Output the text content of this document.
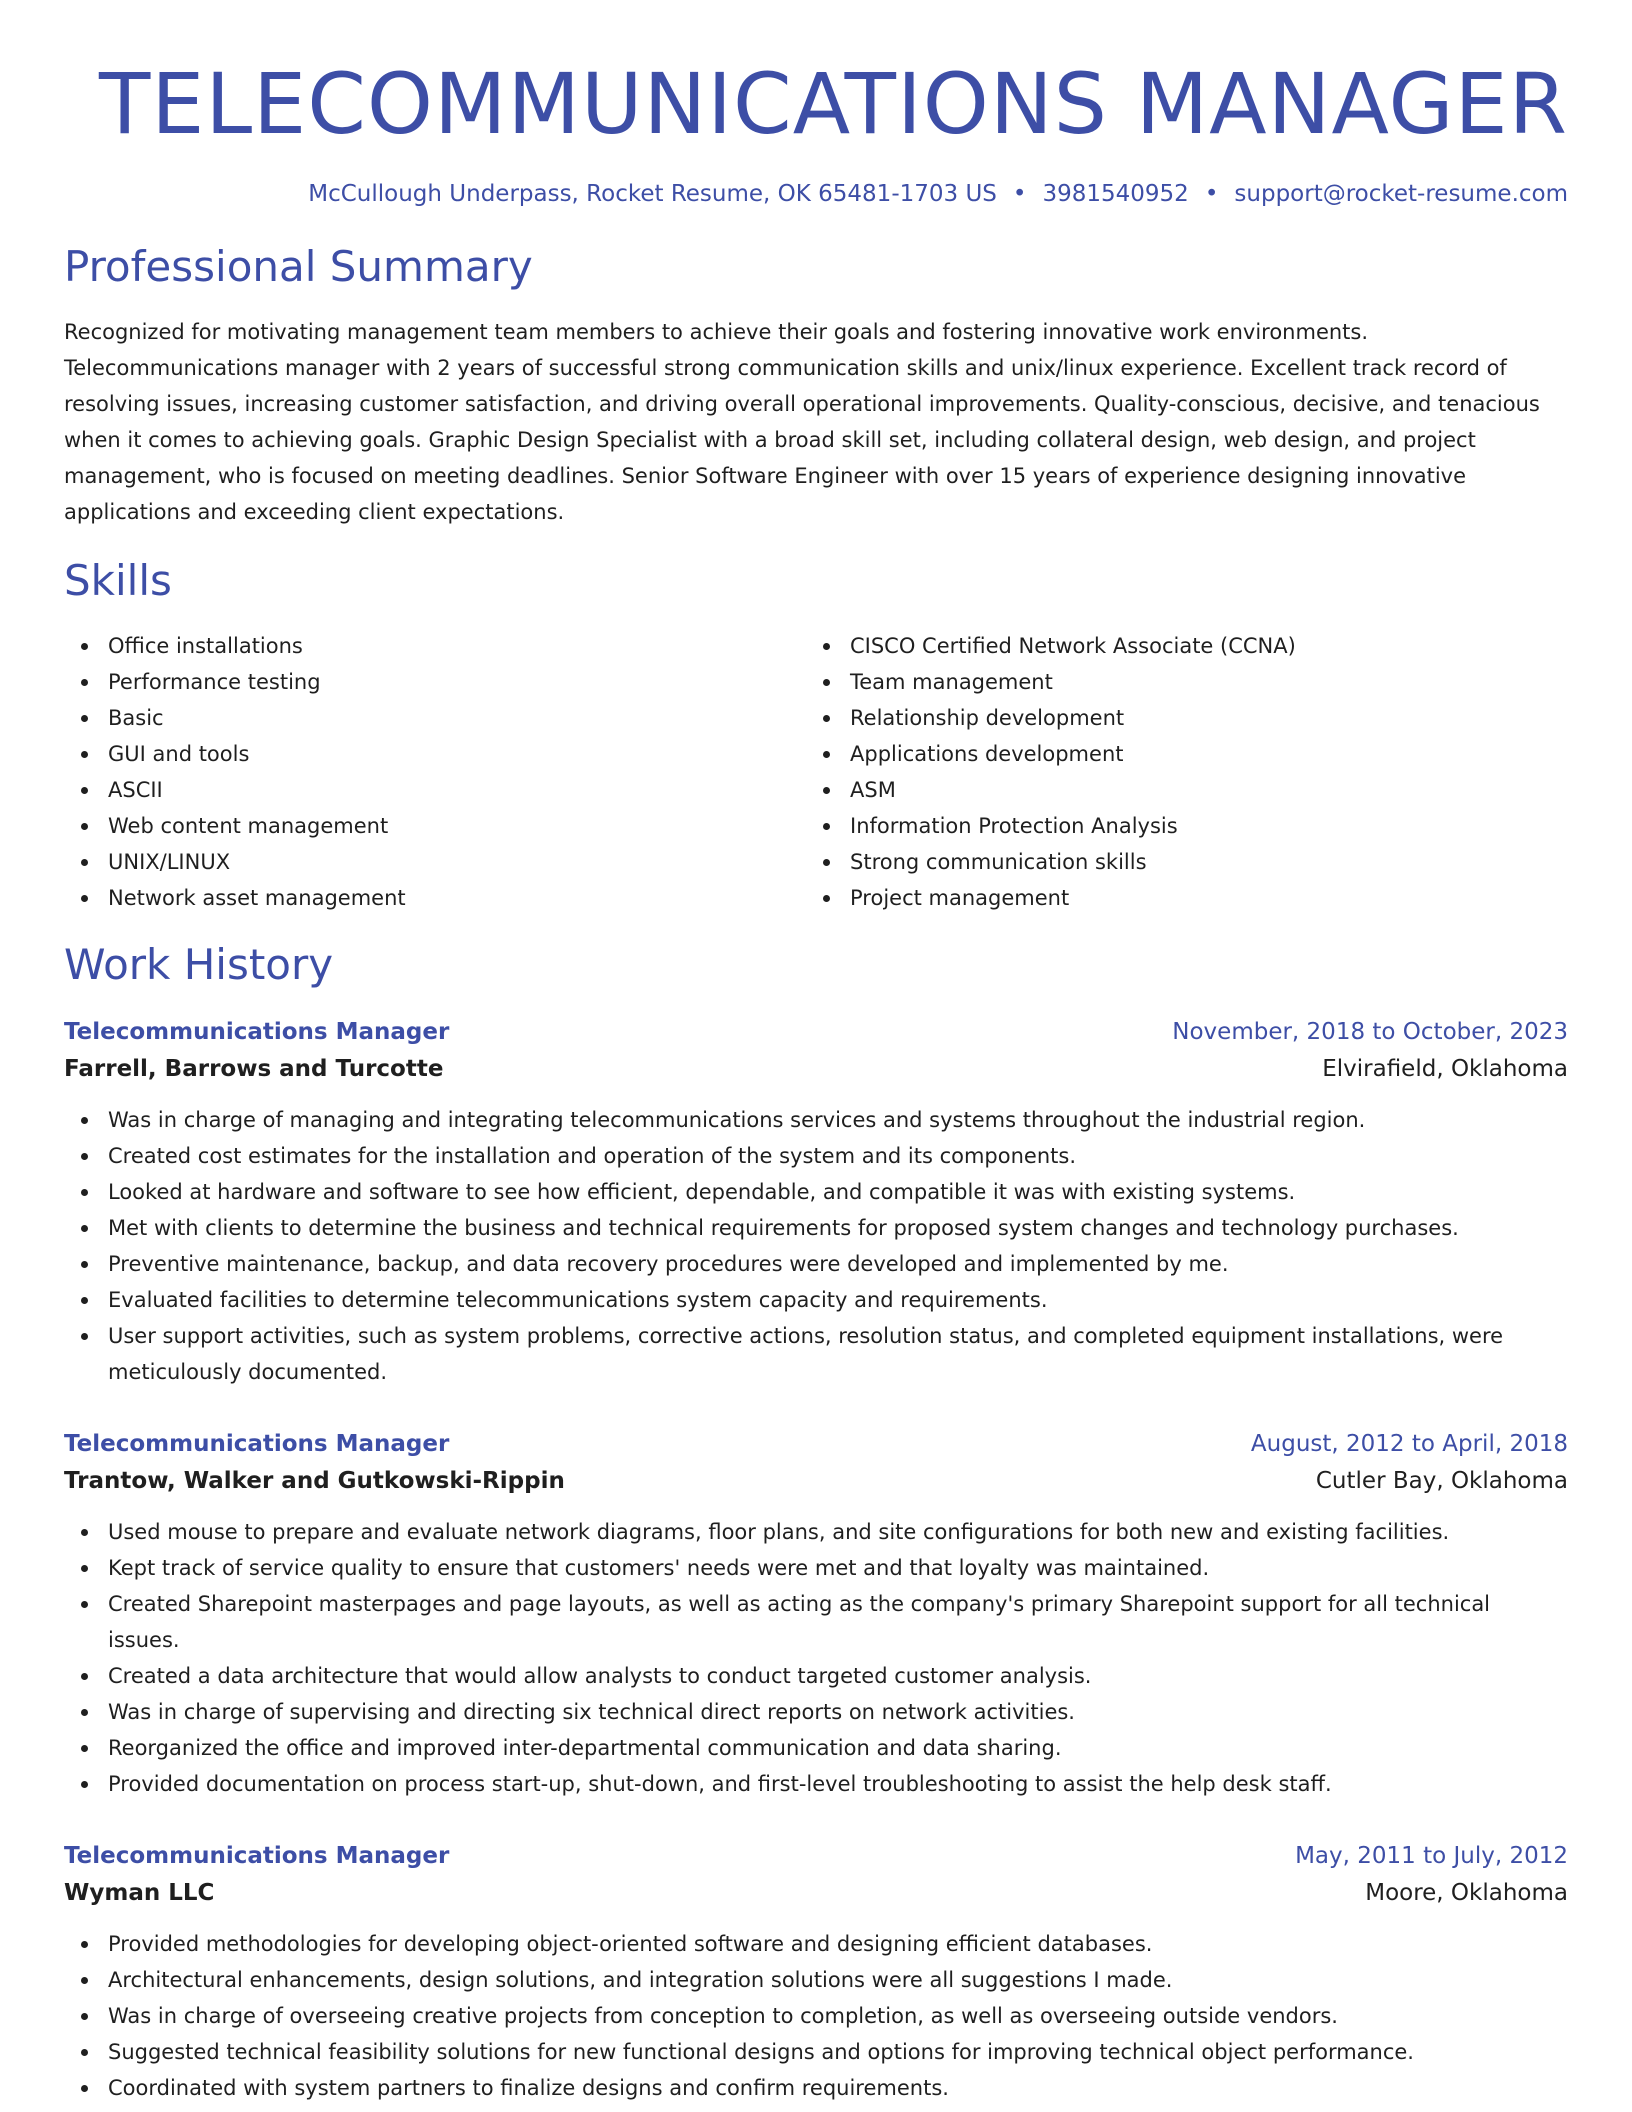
TELECOMMUNICATIONS MANAGER
McCullough Underpass, Rocket Resume, OK 65481-1703 US • 3981540952 • support@rocket-resume.com
Professional Summary
Recognized for motivating management team members to achieve their goals and fostering innovative work environments. Telecommunications manager with 2 years of successful strong communication skills and unix/linux experience. Excellent track record of resolving issues, increasing customer satisfaction, and driving overall operational improvements. Quality-conscious, decisive, and tenacious when it comes to achieving goals. Graphic Design Specialist with a broad skill set, including collateral design, web design, and project management, who is focused on meeting deadlines. Senior Software Engineer with over 15 years of experience designing innovative applications and exceeding client expectations.
Skills
Office installations
Performance testing
Basic
GUI and tools
ASCII
Web content management
UNIX/LINUX
Network asset management
CISCO Certified Network Associate (CCNA)
Team management
Relationship development
Applications development
ASM
Information Protection Analysis
Strong communication skills
Project management
Work History
Telecommunications Manager	November, 2018 to October, 2023
Farrell, Barrows and Turcotte	Elvirafield, Oklahoma
Was in charge of managing and integrating telecommunications services and systems throughout the industrial region.
Created cost estimates for the installation and operation of the system and its components.
Looked at hardware and software to see how efficient, dependable, and compatible it was with existing systems.
Met with clients to determine the business and technical requirements for proposed system changes and technology purchases.
Preventive maintenance, backup, and data recovery procedures were developed and implemented by me.
Evaluated facilities to determine telecommunications system capacity and requirements.
User support activities, such as system problems, corrective actions, resolution status, and completed equipment installations, were meticulously documented.
Telecommunications Manager	August, 2012 to April, 2018
Trantow, Walker and Gutkowski-Rippin	Cutler Bay, Oklahoma
Used mouse to prepare and evaluate network diagrams, floor plans, and site configurations for both new and existing facilities.
Kept track of service quality to ensure that customers' needs were met and that loyalty was maintained.
Created Sharepoint masterpages and page layouts, as well as acting as the company's primary Sharepoint support for all technical issues.
Created a data architecture that would allow analysts to conduct targeted customer analysis.
Was in charge of supervising and directing six technical direct reports on network activities.
Reorganized the office and improved inter-departmental communication and data sharing.
Provided documentation on process start-up, shut-down, and first-level troubleshooting to assist the help desk staff.
Telecommunications Manager	May, 2011 to July, 2012
Wyman LLC	Moore, Oklahoma
Provided methodologies for developing object-oriented software and designing efficient databases.
Architectural enhancements, design solutions, and integration solutions were all suggestions I made.
Was in charge of overseeing creative projects from conception to completion, as well as overseeing outside vendors.
Suggested technical feasibility solutions for new functional designs and options for improving technical object performance.
Coordinated with system partners to finalize designs and confirm requirements.
